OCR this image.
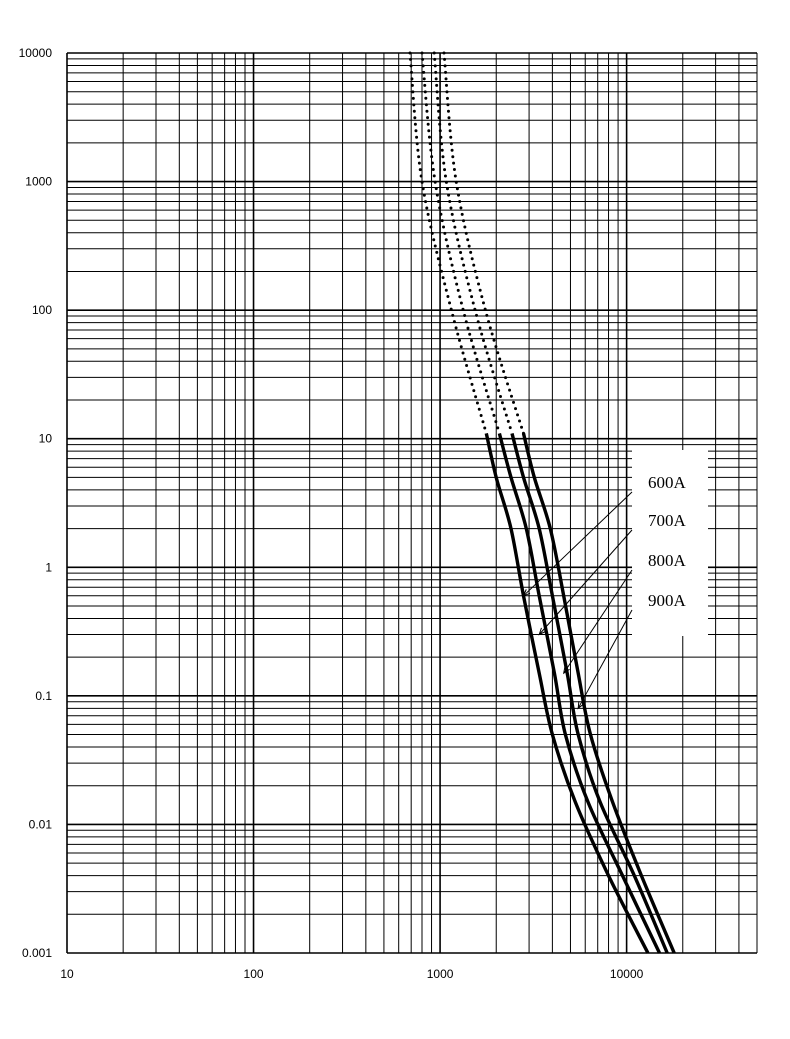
10	100	1000	10000
10000
1000
100
10
1
0.1
0.01
0.001
600A
700A
800A
900A
